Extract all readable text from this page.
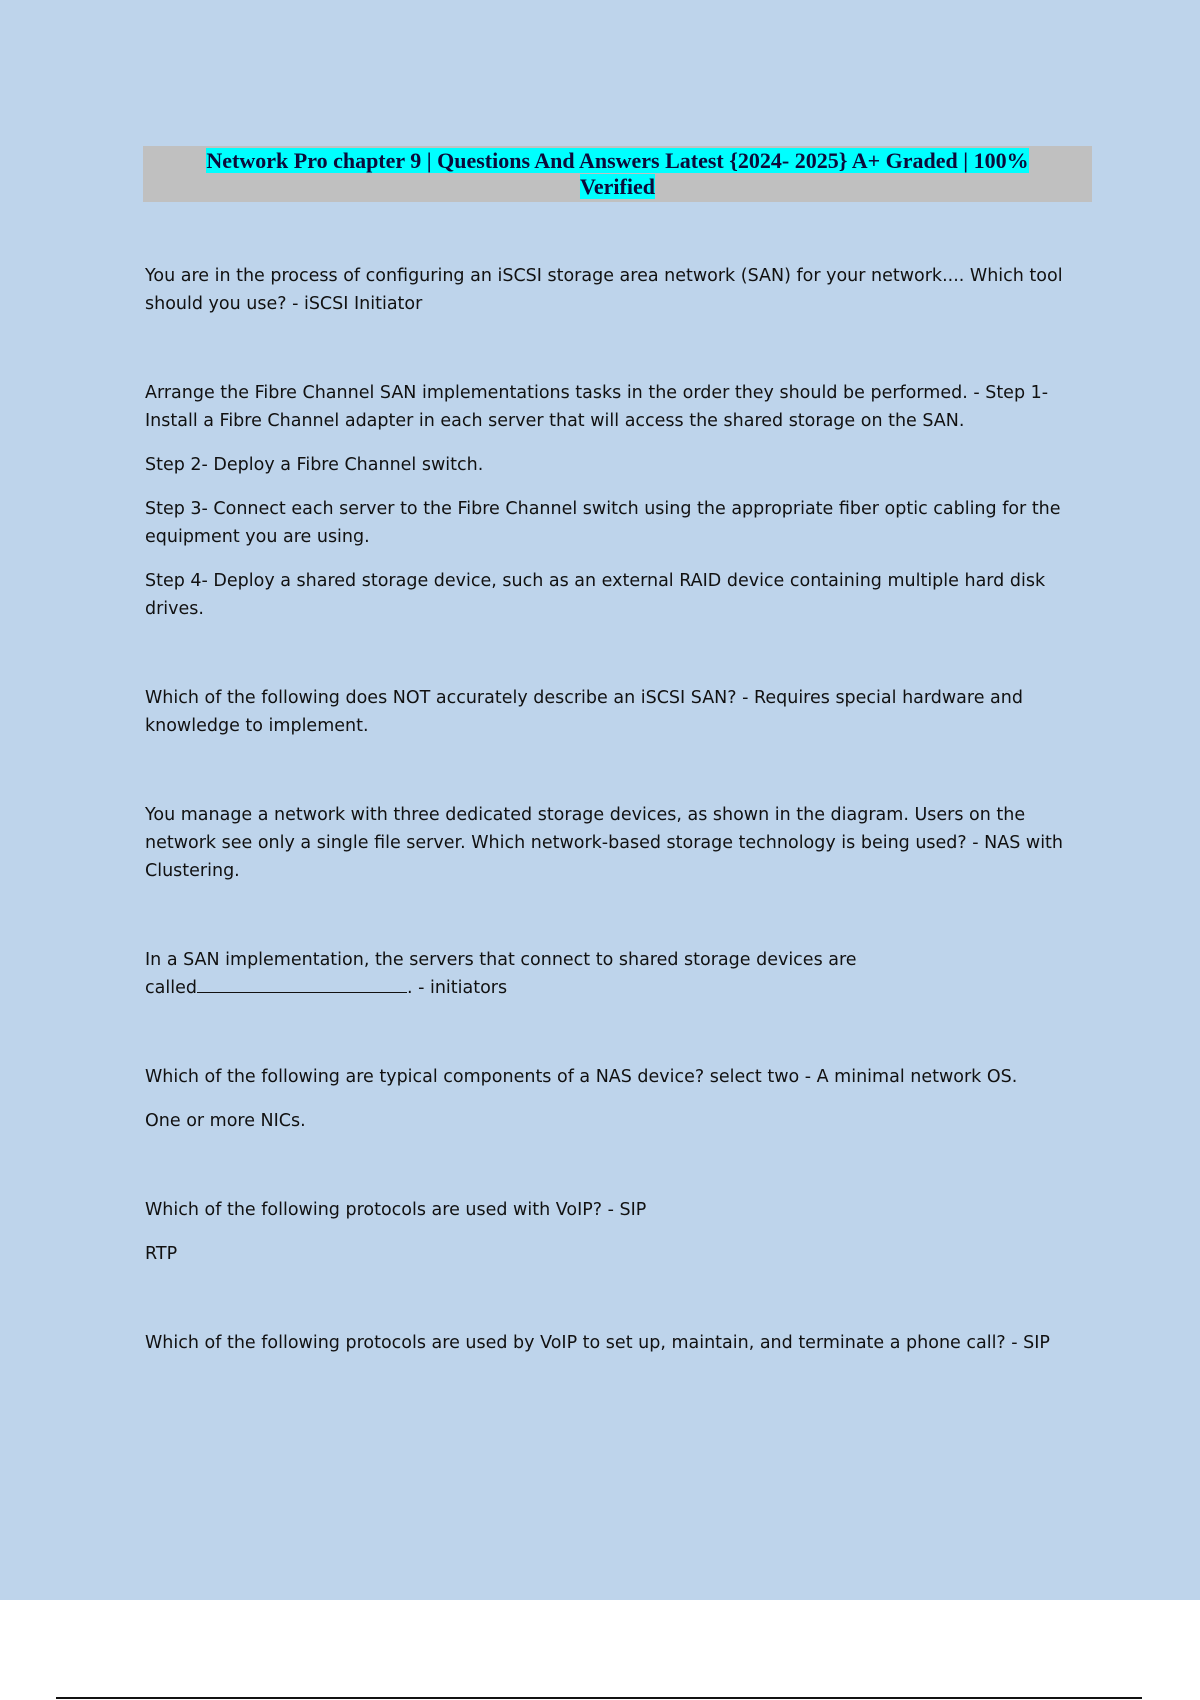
Network Pro chapter 9 | Questions And Answers Latest {2024- 2025} A+ Graded | 100%
Verified

You are in the process of configuring an iSCSI storage area network (SAN) for your network.... Which tool should you use? - iSCSI Initiator

Arrange the Fibre Channel SAN implementations tasks in the order they should be performed. - Step 1- Install a Fibre Channel adapter in each server that will access the shared storage on the SAN.

Step 2- Deploy a Fibre Channel switch.

Step 3- Connect each server to the Fibre Channel switch using the appropriate fiber optic cabling for the equipment you are using.

Step 4- Deploy a shared storage device, such as an external RAID device containing multiple hard disk drives.

Which of the following does NOT accurately describe an iSCSI SAN? - Requires special hardware and knowledge to implement.

You manage a network with three dedicated storage devices, as shown in the diagram. Users on the network see only a single file server. Which network-based storage technology is being used? - NAS with Clustering.

In a SAN implementation, the servers that connect to shared storage devices are
called	. - initiators

Which of the following are typical components of a NAS device? select two - A minimal network OS.

One or more NICs.

Which of the following protocols are used with VoIP? - SIP

RTP

Which of the following protocols are used by VoIP to set up, maintain, and terminate a phone call? - SIP
